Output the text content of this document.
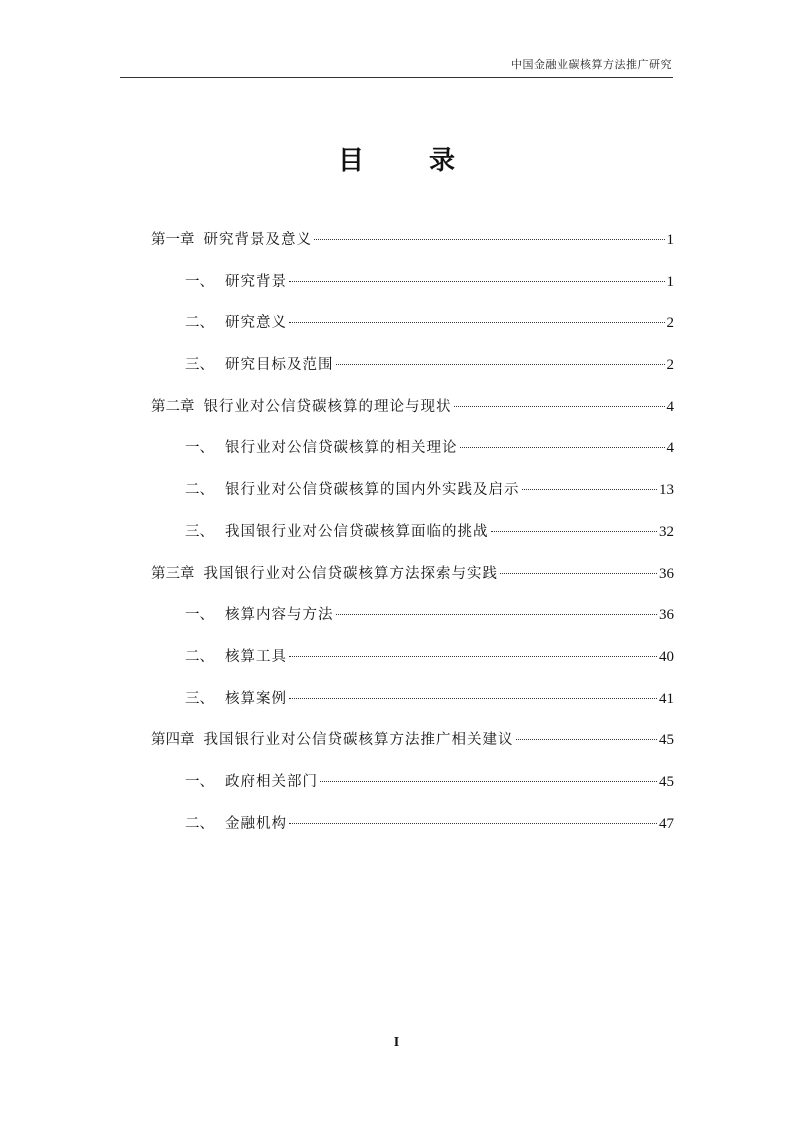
中国金融业碳核算方法推广研究
目 录
第一章 研究背景及意义	1
一、 研究背景	1
二、 研究意义	2
三、 研究目标及范围	2
第二章 银行业对公信贷碳核算的理论与现状	4
一、 银行业对公信贷碳核算的相关理论	4
二、 银行业对公信贷碳核算的国内外实践及启示	13
三、 我国银行业对公信贷碳核算面临的挑战	32
第三章 我国银行业对公信贷碳核算方法探索与实践	36
一、 核算内容与方法	36
二、 核算工具	40
三、 核算案例	41
第四章 我国银行业对公信贷碳核算方法推广相关建议	45
一、 政府相关部门	45
二、 金融机构	47
I
